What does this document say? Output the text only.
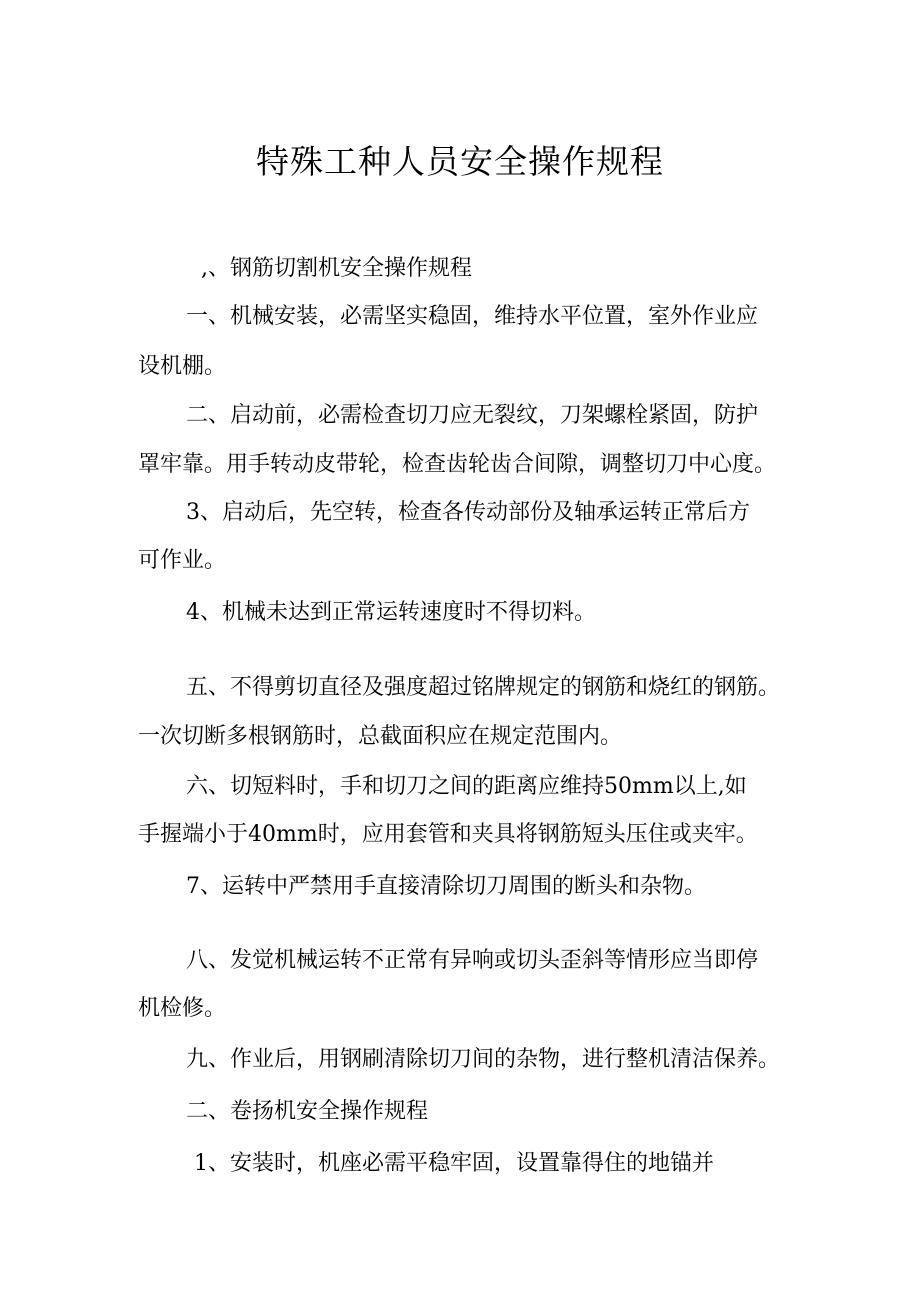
特殊工种人员安全操作规程
,、钢筋切割机安全操作规程
一、机械安装，必需坚实稳固，维持水平位置，室外作业应
设机棚。
二、启动前，必需检查切刀应无裂纹，刀架螺栓紧固，防护
罩牢靠。用手转动皮带轮，检查齿轮齿合间隙，调整切刀中心度。
3、启动后，先空转，检查各传动部份及轴承运转正常后方
可作业。
4、机械未达到正常运转速度时不得切料。
五、不得剪切直径及强度超过铭牌规定的钢筋和烧红的钢筋。
一次切断多根钢筋时，总截面积应在规定范围内。
六、切短料时，手和切刀之间的距离应维持50mm以上,如
手握端小于40mm时，应用套管和夹具将钢筋短头压住或夹牢。
7、运转中严禁用手直接清除切刀周围的断头和杂物。
八、发觉机械运转不正常有异响或切头歪斜等情形应当即停
机检修。
九、作业后，用钢刷清除切刀间的杂物，进行整机清洁保养。
二、卷扬机安全操作规程
1、安装时，机座必需平稳牢固，设置靠得住的地锚并
